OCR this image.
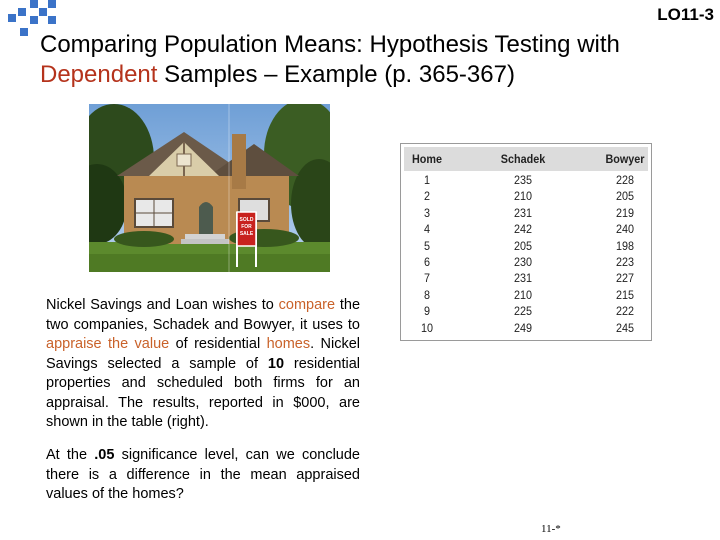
LO11-3
Comparing Population Means: Hypothesis Testing with Dependent Samples – Example (p. 365-367)
SOLD
FOR
SALE

Nickel Savings and Loan wishes to compare the two companies, Schadek and Bowyer, it uses to appraise the value of residential homes. Nickel Savings selected a sample of 10 residential properties and scheduled both firms for an appraisal. The results, reported in $000, are shown in the table (right).

At the .05 significance level, can we conclude there is a difference in the mean appraised values of the homes?

Home	Schadek	Bowyer
1	235	228
2	210	205
3	231	219
4	242	240
5	205	198
6	230	223
7	231	227
8	210	215
9	225	222
10	249	245
11-*
